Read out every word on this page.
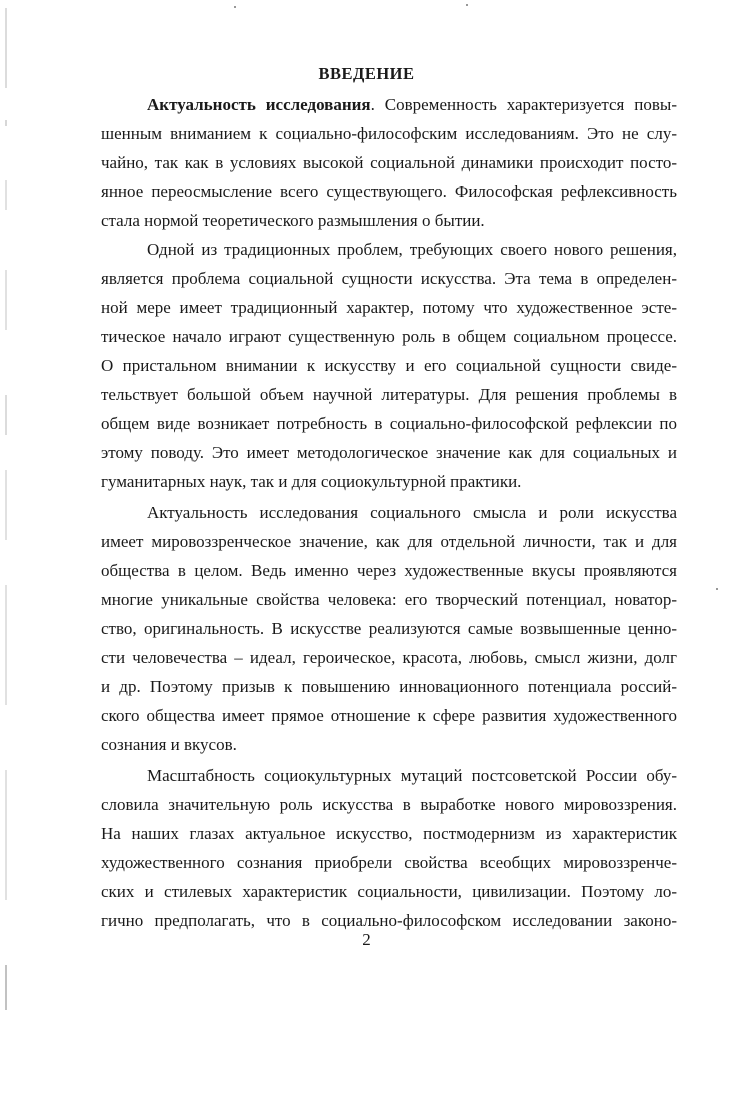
ВВЕДЕНИЕ
Актуальность исследования. Современность характеризуется повы-
шенным вниманием к социально-философским исследованиям. Это не слу-
чайно, так как в условиях высокой социальной динамики происходит посто-
янное переосмысление всего существующего. Философская рефлексивность
стала нормой теоретического размышления о бытии.
Одной из традиционных проблем, требующих своего нового решения,
является проблема социальной сущности искусства. Эта тема в определен-
ной мере имеет традиционный характер, потому что художественное эсте-
тическое начало играют существенную роль в общем социальном процессе.
О пристальном внимании к искусству и его социальной сущности свиде-
тельствует большой объем научной литературы. Для решения проблемы в
общем виде возникает потребность в социально-философской рефлексии по
этому поводу. Это имеет методологическое значение как для социальных и
гуманитарных наук, так и для социокультурной практики.
Актуальность исследования социального смысла и роли искусства
имеет мировоззренческое значение, как для отдельной личности, так и для
общества в целом. Ведь именно через художественные вкусы проявляются
многие уникальные свойства человека: его творческий потенциал, новатор-
ство, оригинальность. В искусстве реализуются самые возвышенные ценно-
сти человечества – идеал, героическое, красота, любовь, смысл жизни, долг
и др. Поэтому призыв к повышению инновационного потенциала россий-
ского общества имеет прямое отношение к сфере развития художественного
сознания и вкусов.
Масштабность социокультурных мутаций постсоветской России обу-
словила значительную роль искусства в выработке нового мировоззрения.
На наших глазах актуальное искусство, постмодернизм из характеристик
художественного сознания приобрели свойства всеобщих мировоззренче-
ских и стилевых характеристик социальности, цивилизации. Поэтому ло-
гично предполагать, что в социально-философском исследовании законо-
2
